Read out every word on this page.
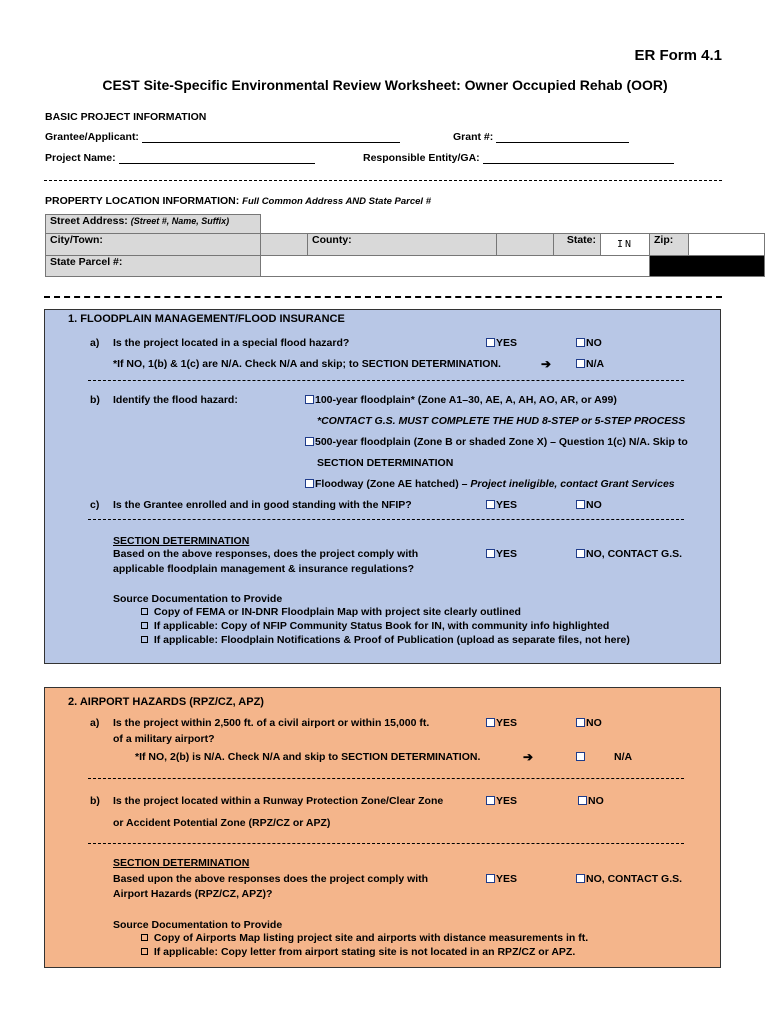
ER Form 4.1
CEST Site-Specific Environmental Review Worksheet: Owner Occupied Rehab (OOR)
BASIC PROJECT INFORMATION
Grantee/Applicant:	Grant #:
Project Name:	Responsible Entity/GA:
PROPERTY LOCATION INFORMATION: Full Common Address AND State Parcel #
Street Address: (Street #, Name, Suffix)							
City/Town:		County:		State:	IN	Zip:	
State Parcel #:							
1. FLOODPLAIN MANAGEMENT/FLOOD INSURANCE
a) Is the project located in a special flood hazard?	YES	NO
*If NO, 1(b) & 1(c) are N/A. Check N/A and skip; to SECTION DETERMINATION.	➔	N/A
b) Identify the flood hazard:	100-year floodplain* (Zone A1–30, AE, A, AH, AO, AR, or A99)
*CONTACT G.S. MUST COMPLETE THE HUD 8-STEP or 5-STEP PROCESS
500-year floodplain (Zone B or shaded Zone X) – Question 1(c) N/A. Skip to
SECTION DETERMINATION
Floodway (Zone AE hatched) – Project ineligible, contact Grant Services
c) Is the Grantee enrolled and in good standing with the NFIP?	YES	NO
SECTION DETERMINATION
Based on the above responses, does the project comply with
applicable floodplain management & insurance regulations?
YES	NO, CONTACT G.S.
Source Documentation to Provide
Copy of FEMA or IN-DNR Floodplain Map with project site clearly outlined
If applicable: Copy of NFIP Community Status Book for IN, with community info highlighted
If applicable: Floodplain Notifications & Proof of Publication (upload as separate files, not here)
2. AIRPORT HAZARDS (RPZ/CZ, APZ)
a) Is the project within 2,500 ft. of a civil airport or within 15,000 ft.
of a military airport?
YES	NO
*If NO, 2(b) is N/A. Check N/A and skip to SECTION DETERMINATION.	➔	N/A
b) Is the project located within a Runway Protection Zone/Clear Zone
or Accident Potential Zone (RPZ/CZ or APZ)
YES	NO
SECTION DETERMINATION
Based upon the above responses does the project comply with
Airport Hazards (RPZ/CZ, APZ)?
YES	NO, CONTACT G.S.
Source Documentation to Provide
Copy of Airports Map listing project site and airports with distance measurements in ft.
If applicable: Copy letter from airport stating site is not located in an RPZ/CZ or APZ.
